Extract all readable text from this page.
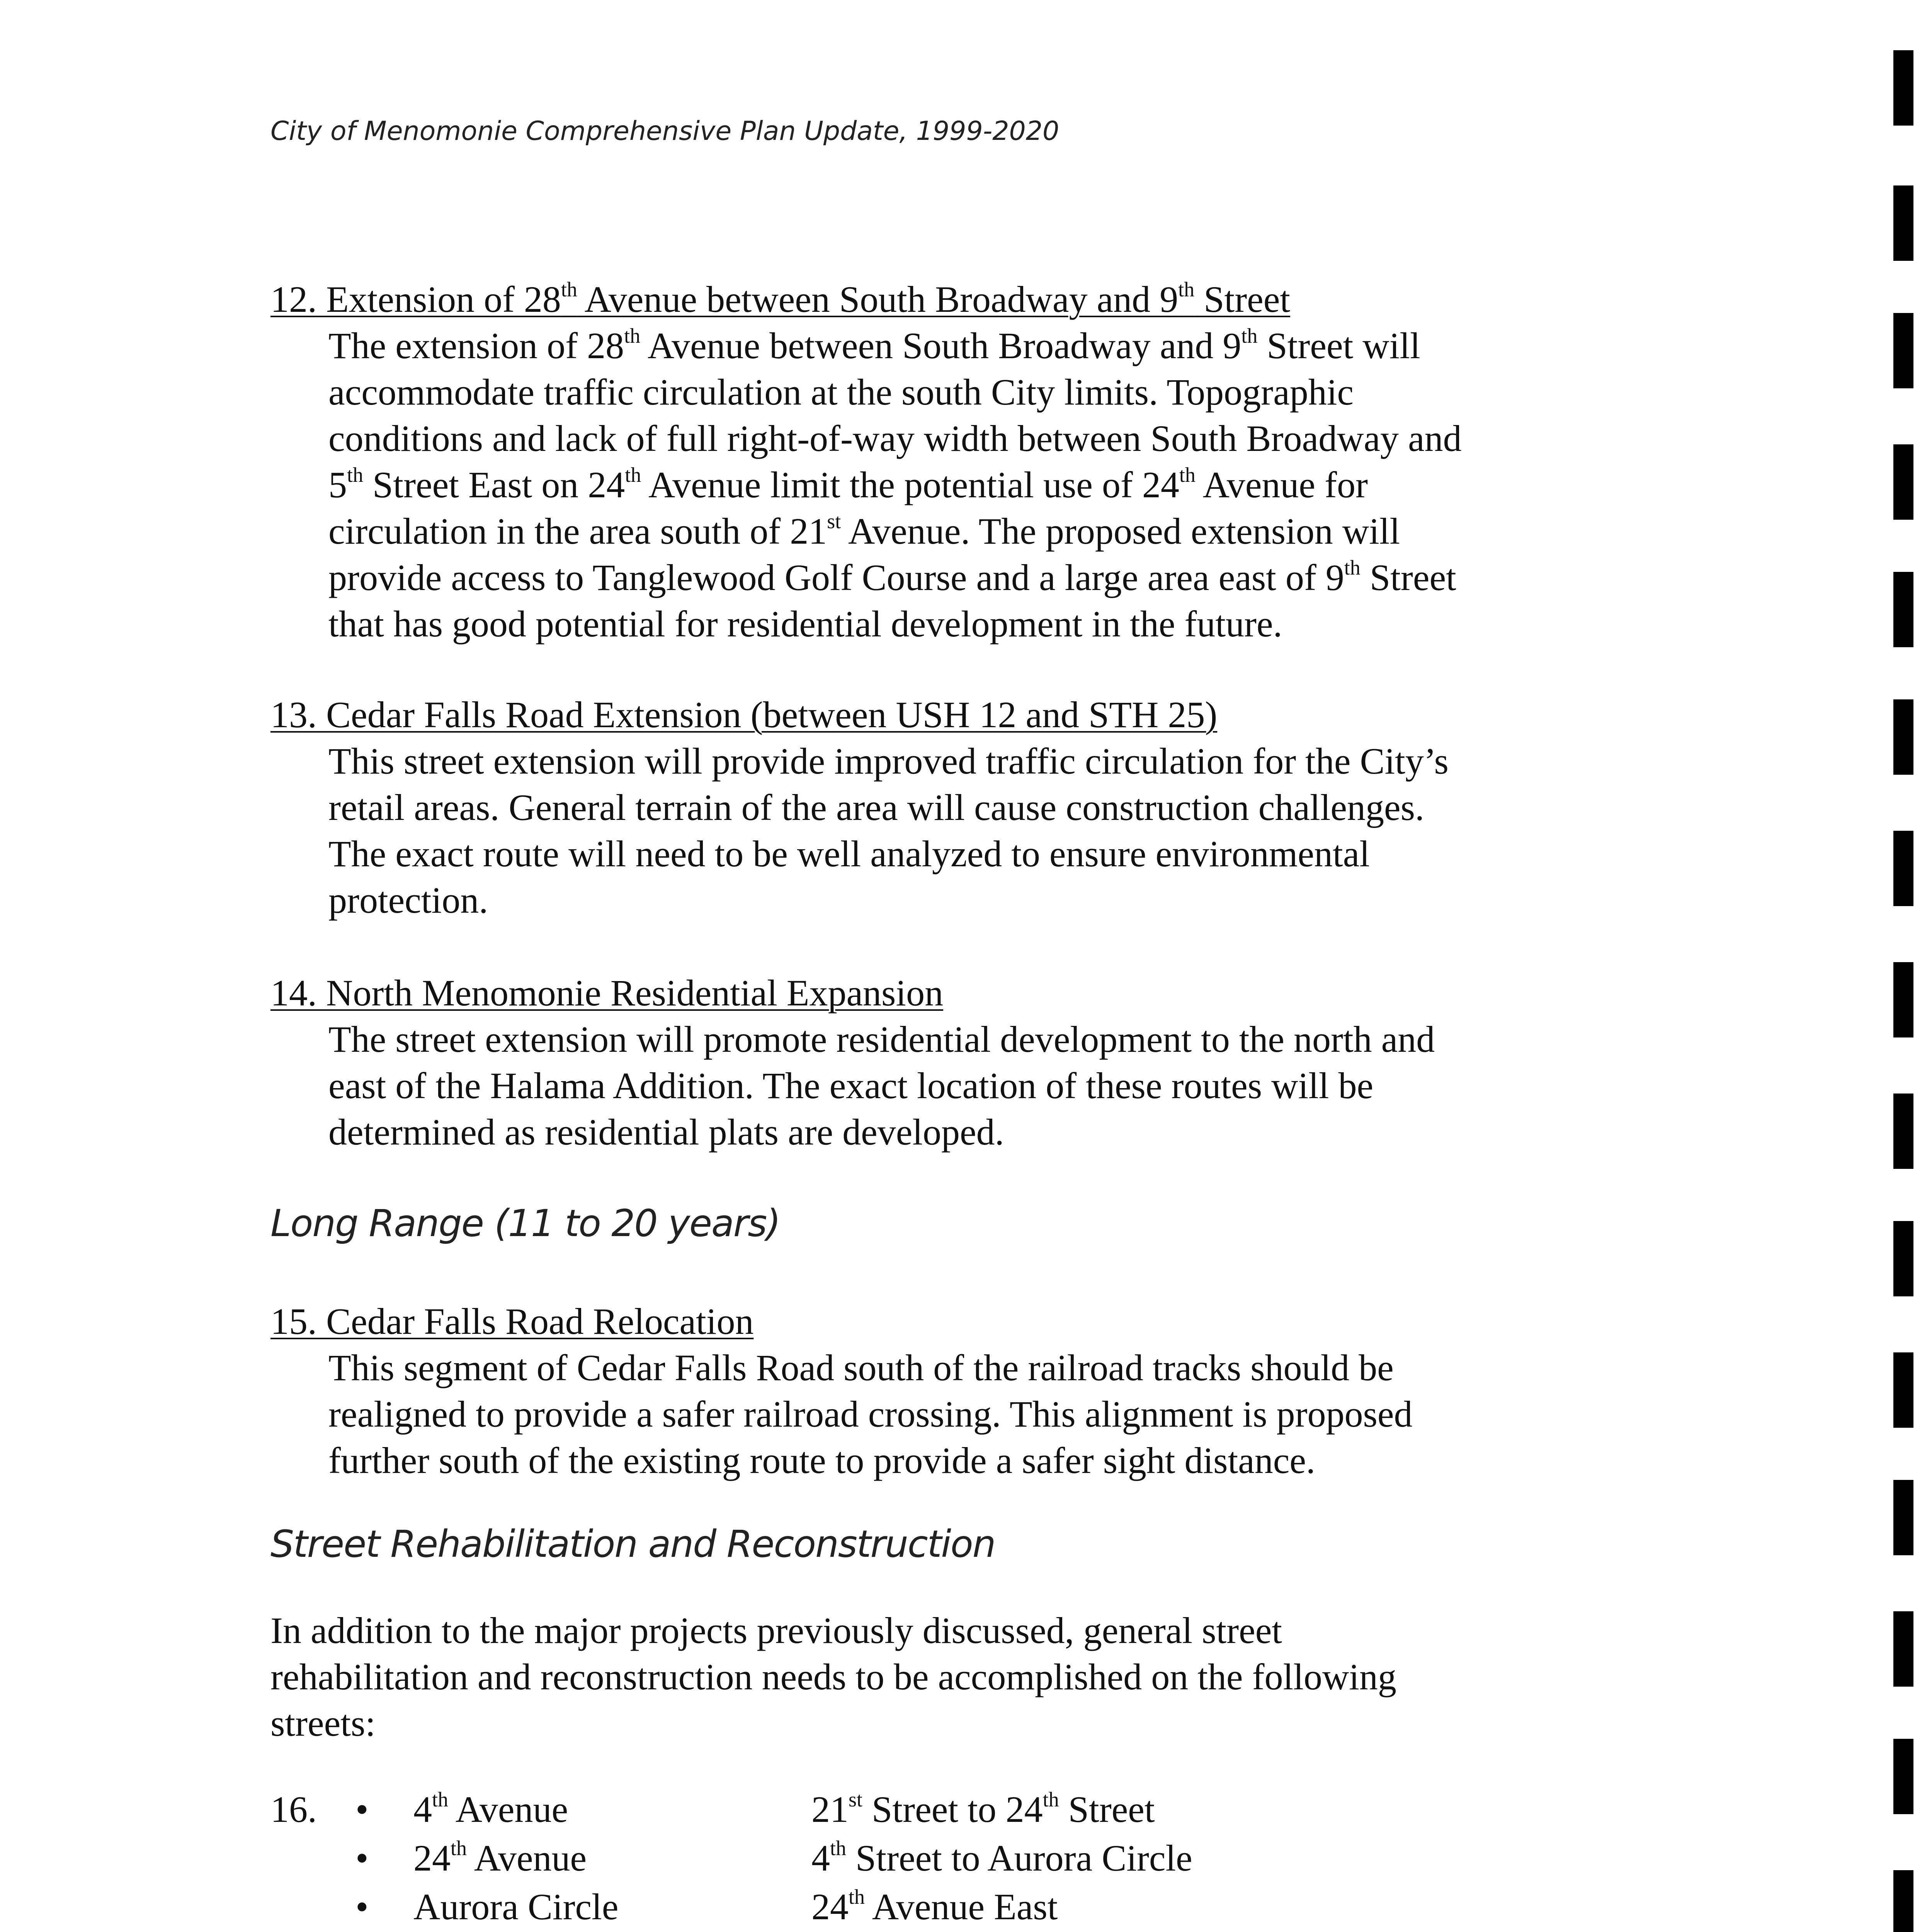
City of Menomonie Comprehensive Plan Update, 1999-2020
12. Extension of 28th Avenue between South Broadway and 9th Street
The extension of 28th Avenue between South Broadway and 9th Street will
accommodate traffic circulation at the south City limits. Topographic
conditions and lack of full right-of-way width between South Broadway and
5th Street East on 24th Avenue limit the potential use of 24th Avenue for
circulation in the area south of 21st Avenue. The proposed extension will
provide access to Tanglewood Golf Course and a large area east of 9th Street
that has good potential for residential development in the future.
13. Cedar Falls Road Extension (between USH 12 and STH 25)
This street extension will provide improved traffic circulation for the City’s
retail areas. General terrain of the area will cause construction challenges.
The exact route will need to be well analyzed to ensure environmental
protection.
14. North Menomonie Residential Expansion
The street extension will promote residential development to the north and
east of the Halama Addition. The exact location of these routes will be
determined as residential plats are developed.
Long Range (11 to 20 years)
15. Cedar Falls Road Relocation
This segment of Cedar Falls Road south of the railroad tracks should be
realigned to provide a safer railroad crossing. This alignment is proposed
further south of the existing route to provide a safer sight distance.
Street Rehabilitation and Reconstruction
In addition to the major projects previously discussed, general street
rehabilitation and reconstruction needs to be accomplished on the following
streets:
16. • 4th Avenue	21st Street to 24th Street
• 24th Avenue	4th Street to Aurora Circle
• Aurora Circle	24th Avenue East
